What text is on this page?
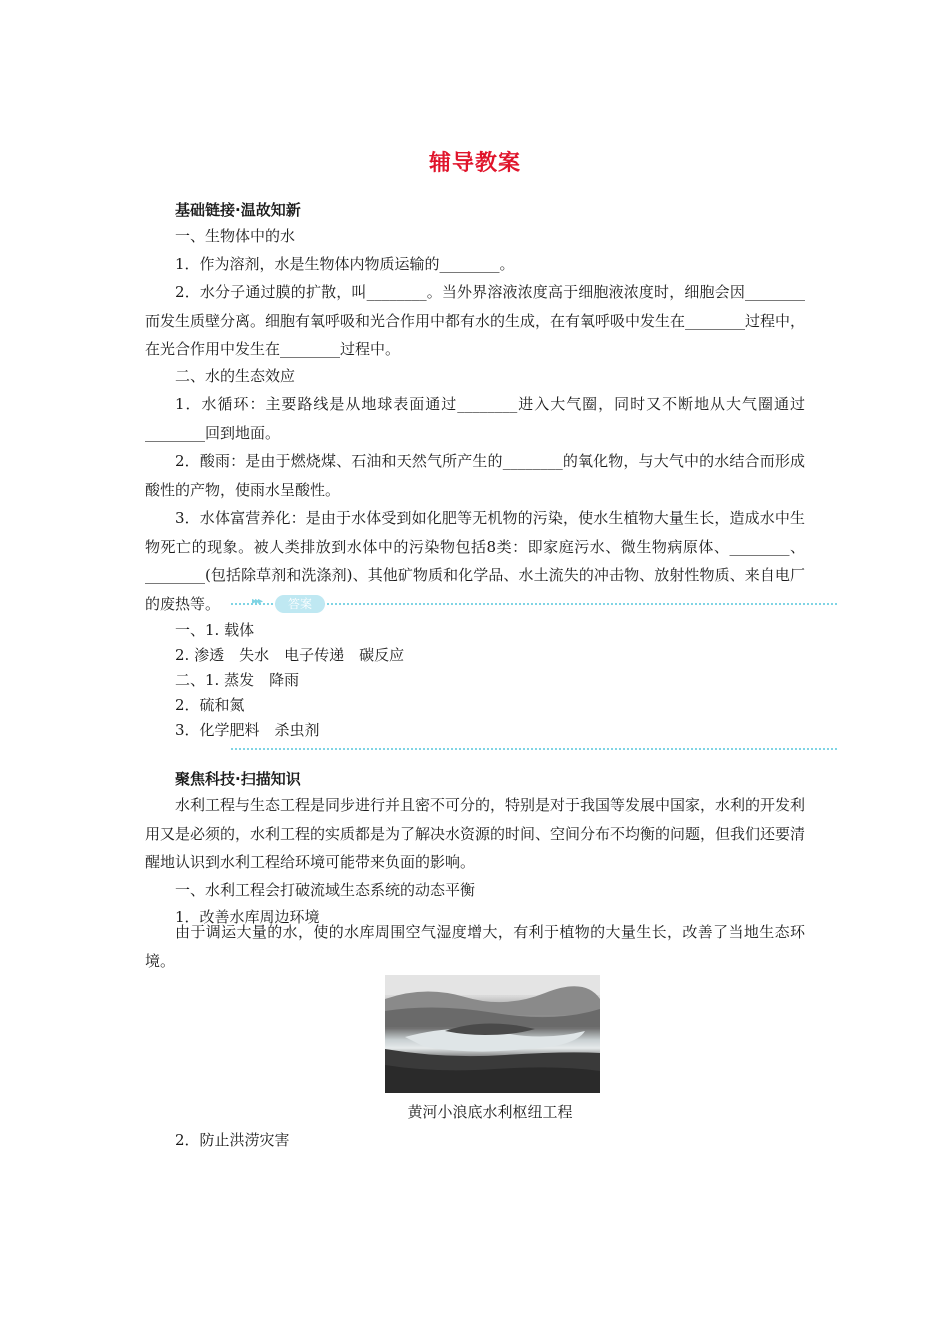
辅导教案
基础链接·温故知新
一、生物体中的水
1．作为溶剂，水是生物体内物质运输的________。
2．水分子通过膜的扩散，叫________。当外界溶液浓度高于细胞液浓度时，细胞会因________而发生质壁分离。细胞有氧呼吸和光合作用中都有水的生成，在有氧呼吸中发生在________过程中，在光合作用中发生在________过程中。
二、水的生态效应
1．水循环：主要路线是从地球表面通过________进入大气圈，同时又不断地从大气圈通过________回到地面。
2．酸雨：是由于燃烧煤、石油和天然气所产生的________的氧化物，与大气中的水结合而形成酸性的产物，使雨水呈酸性。
3．水体富营养化：是由于水体受到如化肥等无机物的污染，使水生植物大量生长，造成水中生物死亡的现象。被人类排放到水体中的污染物包括8类：即家庭污水、微生物病原体、________、________(包括除草剂和洗涤剂)、其他矿物质和化学品、水土流失的冲击物、放射性物质、来自电厂的废热等。	▸▸▸	答案
一、1. 载体
2. 渗透　失水　电子传递　碳反应
二、1. 蒸发　降雨
2．硫和氮
3．化学肥料　杀虫剂
聚焦科技·扫描知识
水利工程与生态工程是同步进行并且密不可分的，特别是对于我国等发展中国家，水利的开发利用又是必须的，水利工程的实质都是为了解决水资源的时间、空间分布不均衡的问题，但我们还要清醒地认识到水利工程给环境可能带来负面的影响。
一、水利工程会打破流域生态系统的动态平衡
1．改善水库周边环境
由于调运大量的水，使的水库周围空气湿度增大，有利于植物的大量生长，改善了当地生态环境。
黄河小浪底水利枢纽工程
2．防止洪涝灾害
